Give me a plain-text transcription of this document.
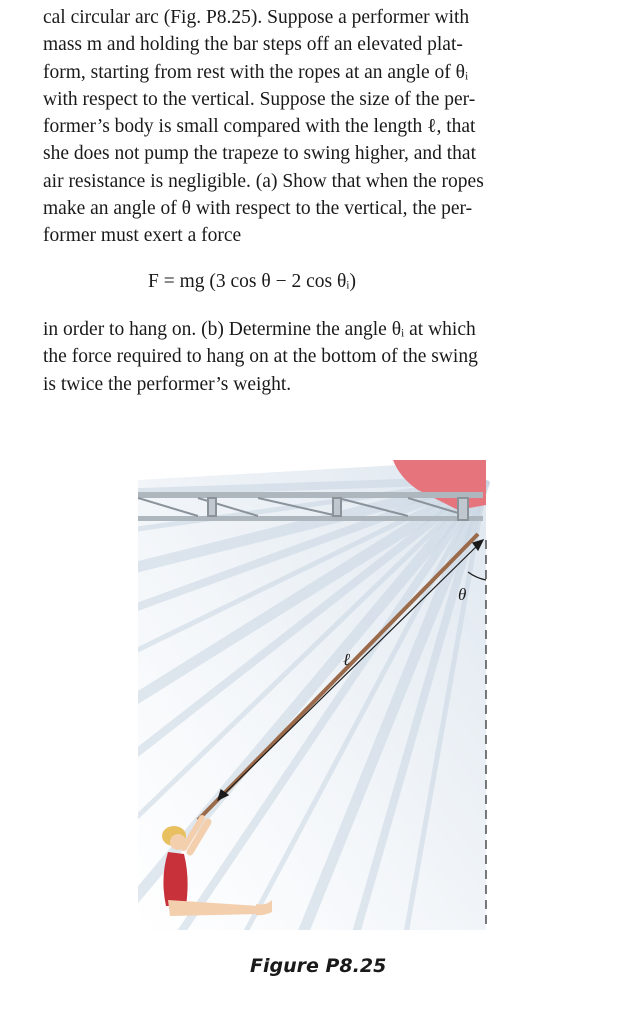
cal circular arc (Fig. P8.25). Suppose a performer with
mass m and holding the bar steps off an elevated plat-
form, starting from rest with the ropes at an angle of θᵢ
with respect to the vertical. Suppose the size of the per-
former’s body is small compared with the length ℓ, that
she does not pump the trapeze to swing higher, and that
air resistance is negligible. (a) Show that when the ropes
make an angle of θ with respect to the vertical, the per-
former must exert a force
F = mg (3 cos θ − 2 cos θᵢ)
in order to hang on. (b) Determine the angle θᵢ at which
the force required to hang on at the bottom of the swing
is twice the performer’s weight.
ℓ
θ
Figure P8.25
